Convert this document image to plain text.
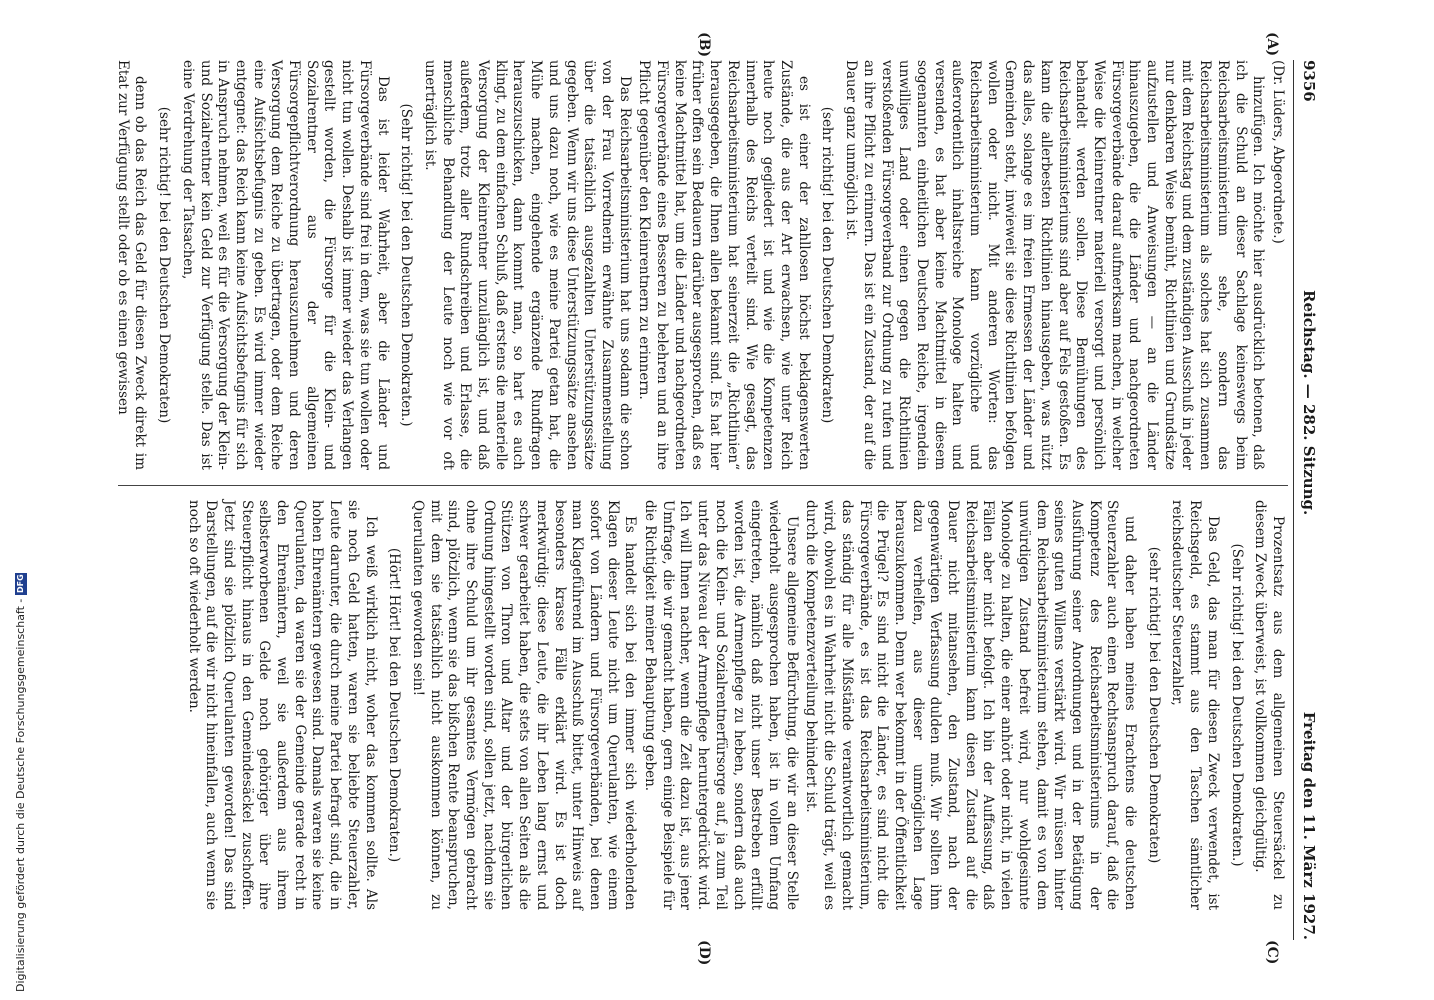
9356
Reichstag. — 282. Sitzung.
Freitag den 11. März 1927.

(Dr. Lüders, Abgeordnete.)

hinzufügen. Ich möchte hier ausdrücklich betonen, daß ich die Schuld an dieser Sachlage keineswegs beim Reichsarbeitsministerium sehe, sondern das Reichsarbeitsministerium als solches hat sich zusammen mit dem Reichstag und dem zuständigen Ausschuß in jeder nur denkbaren Weise bemüht, Richtlinien und Grundsätze aufzustellen und Anweisungen — an die Länder hinauszugeben, die die Länder und nachgeordneten Fürsorgeverbände darauf aufmerksam machen, in welcher Weise die Kleinrentner materiell versorgt und persönlich behandelt werden sollen. Diese Bemühungen des Reichsarbeitsministeriums sind aber auf Fels gestoßen. Es kann die allerbesten Richtlinien hinausgeben, was nützt das alles, solange es im freien Ermessen der Länder und Gemeinden steht, inwieweit sie diese Richtlinien befolgen wollen oder nicht. Mit anderen Worten: das Reichsarbeitsministerium kann vorzügliche und außerordentlich inhaltsreiche Monologe halten und versenden, es hat aber keine Machtmittel in diesem sogenannten einheitlichen Deutschen Reiche, irgendein unwilliges Land oder einen gegen die Richtlinien verstoßenden Fürsorgeverband zur Ordnung zu rufen und an ihre Pflicht zu erinnern. Das ist ein Zustand, der auf die Dauer ganz unmöglich ist.

(sehr richtig! bei den Deutschen Demokraten)

es ist einer der zahllosen höchst beklagenswerten Zustände, die aus der Art erwachsen, wie unter Reich heute noch gegliedert ist und wie die Kompetenzen innerhalb des Reichs verteilt sind. Wie gesagt, das Reichsarbeitsministerium hat seinerzeit die „Richtlinien“ herausgegeben, die Ihnen allen bekannt sind. Es hat hier früher offen sein Bedauern darüber ausgesprochen, daß es keine Machtmittel hat, um die Länder und nachgeordneten Fürsorgeverbände eines Besseren zu belehren und an ihre Pflicht gegenüber den Kleinrentnern zu erinnern.

Das Reichsarbeitsministerium hat uns sodann die schon von der Frau Vorrednerin erwähnte Zusammenstellung über die tatsächlich ausgezahlten Unterstützungssätze gegeben. Wenn wir uns diese Unterstützungssätze ansehen und uns dazu noch, wie es meine Partei getan hat, die Mühe machen, eingehende ergänzende Rundfragen herauszuschicken, dann kommt man, so hart es auch klingt, zu dem einfachen Schluß, daß erstens die materielle Versorgung der Kleinrentner unzulänglich ist, und daß außerdem, trotz aller Rundschreiben und Erlasse, die menschliche Behandlung der Leute noch wie vor oft unerträglich ist.

(Sehr richtig! bei den Deutschen Demokraten.)

Das ist leider Wahrheit, aber die Länder und Fürsorgeverbände sind frei in dem, was sie tun wollen oder nicht tun wollen. Deshalb ist immer wieder das Verlangen gestellt worden, die Fürsorge für die Klein- und Sozialrentner aus der allgemeinen Fürsorgepflichtverordnung herauszunehmen und deren Versorgung dem Reiche zu übertragen, oder dem Reiche eine Aufsichtsbefugnis zu geben. Es wird immer wieder entgegnet: das Reich kann keine Aufsichtsbefugnis für sich in Anspruch nehmen, weil es für die Versorgung der Klein- und Sozialrentner kein Geld zur Verfügung stelle. Das ist eine Verdrehung der Tatsachen,

(sehr richtig! bei den Deutschen Demokraten)

denn ob das Reich das Geld für diesen Zweck direkt im Etat zur Verfügung stellt oder ob es einen gewissen

Prozentsatz aus dem allgemeinen Steuersäckel zu diesem Zweck überweist, ist vollkommen gleichgültig.

(Sehr richtig! bei den Deutschen Demokraten.)

Das Geld, das man für diesen Zweck verwendet, ist Reichsgeld, es stammt aus den Taschen sämtlicher reichsdeutscher Steuerzahler,

(sehr richtig! bei den Deutschen Demokraten)

und daher haben meines Erachtens die deutschen Steuerzahler auch einen Rechtsanspruch darauf, daß die Kompetenz des Reichsarbeitsministeriums in der Ausführung seiner Anordnungen und in der Betätigung seines guten Willens verstärkt wird. Wir müssen hinter dem Reichsarbeitsministerium stehen, damit es von dem unwürdigen Zustand befreit wird, nur wohlgesinnte Monologe zu halten, die einer anhört oder nicht, in vielen Fällen aber nicht befolgt. Ich bin der Auffassung, daß Reichsarbeitsministerium kann diesen Zustand auf die Dauer nicht mitansehen, den Zustand, nach der gegenwärtigen Verfassung dulden muß. Wir sollten ihm dazu verhelfen, aus dieser unmöglichen Lage herauszukommen. Denn wer bekommt in der Öffentlichkeit die Prügel? Es sind nicht die Länder, es sind nicht die Fürsorgeverbände, es ist das Reichsarbeitsministerium, das ständig für alle Mißstände verantwortlich gemacht wird, obwohl es in Wahrheit nicht die Schuld trägt, weil es durch die Kompetenzverteilung behindert ist.

Unsere allgemeine Befürchtung, die wir an dieser Stelle wiederholt ausgesprochen haben, ist in vollem Umfang eingetreten, nämlich daß nicht unser Bestreben erfüllt worden ist, die Armenpflege zu heben, sondern daß auch noch die Klein- und Sozialrentnerfürsorge auf, ja zum Teil unter das Niveau der Armenpflege heruntergedrückt wird. Ich will Ihnen nachher, wenn die Zeit dazu ist, aus jener Umfrage, die wir gemacht haben, gern einige Beispiele für die Richtigkeit meiner Behauptung geben.

Es handelt sich bei den immer sich wiederholenden Klagen dieser Leute nicht um Querulanten, wie einem sofort von Ländern und Fürsorgeverbänden, bei denen man Klageführend im Ausschuß bittet, unter Hinweis auf besonders krasse Fälle erklärt wird. Es ist doch merkwürdig: diese Leute, die ihr Leben lang ernst und schwer gearbeitet haben, die stets von allen Seiten als die Stützen von Thron und Altar und der bürgerlichen Ordnung hingestellt worden sind, sollen jetzt, nachdem sie ohne ihre Schuld um ihr gesamtes Vermögen gebracht sind, plötzlich, wenn sie das bißchen Rente beanspruchen, mit dem sie tatsächlich nicht auskommen können, zu Querulanten geworden sein!

(Hört! Hört! bei den Deutschen Demokraten.)

Ich weiß wirklich nicht, woher das kommen sollte. Als sie noch Geld hatten, waren sie beliebte Steuerzahler, Leute darunter, die durch meine Partei befragt sind, die in hohen Ehrenämtern gewesen sind. Damals waren sie keine Querulanten, da waren sie der Gemeinde gerade recht in den Ehrenämtern, weil sie außerdem aus ihrem selbsterworbenen Gelde noch gehöriger über ihre Steuerpflicht hinaus in den Gemeindesäckel zuschoffen. Jetzt sind sie plötzlich Querulanten geworden! Das sind Darstellungen, auf die wir nicht hineinfallen, auch wenn sie noch so oft wiederholt werden.

(A)
(B)
(C)
(D)
Digitalisierung gefördert durch die Deutsche Forschungsgemeinschaft -
DFG
